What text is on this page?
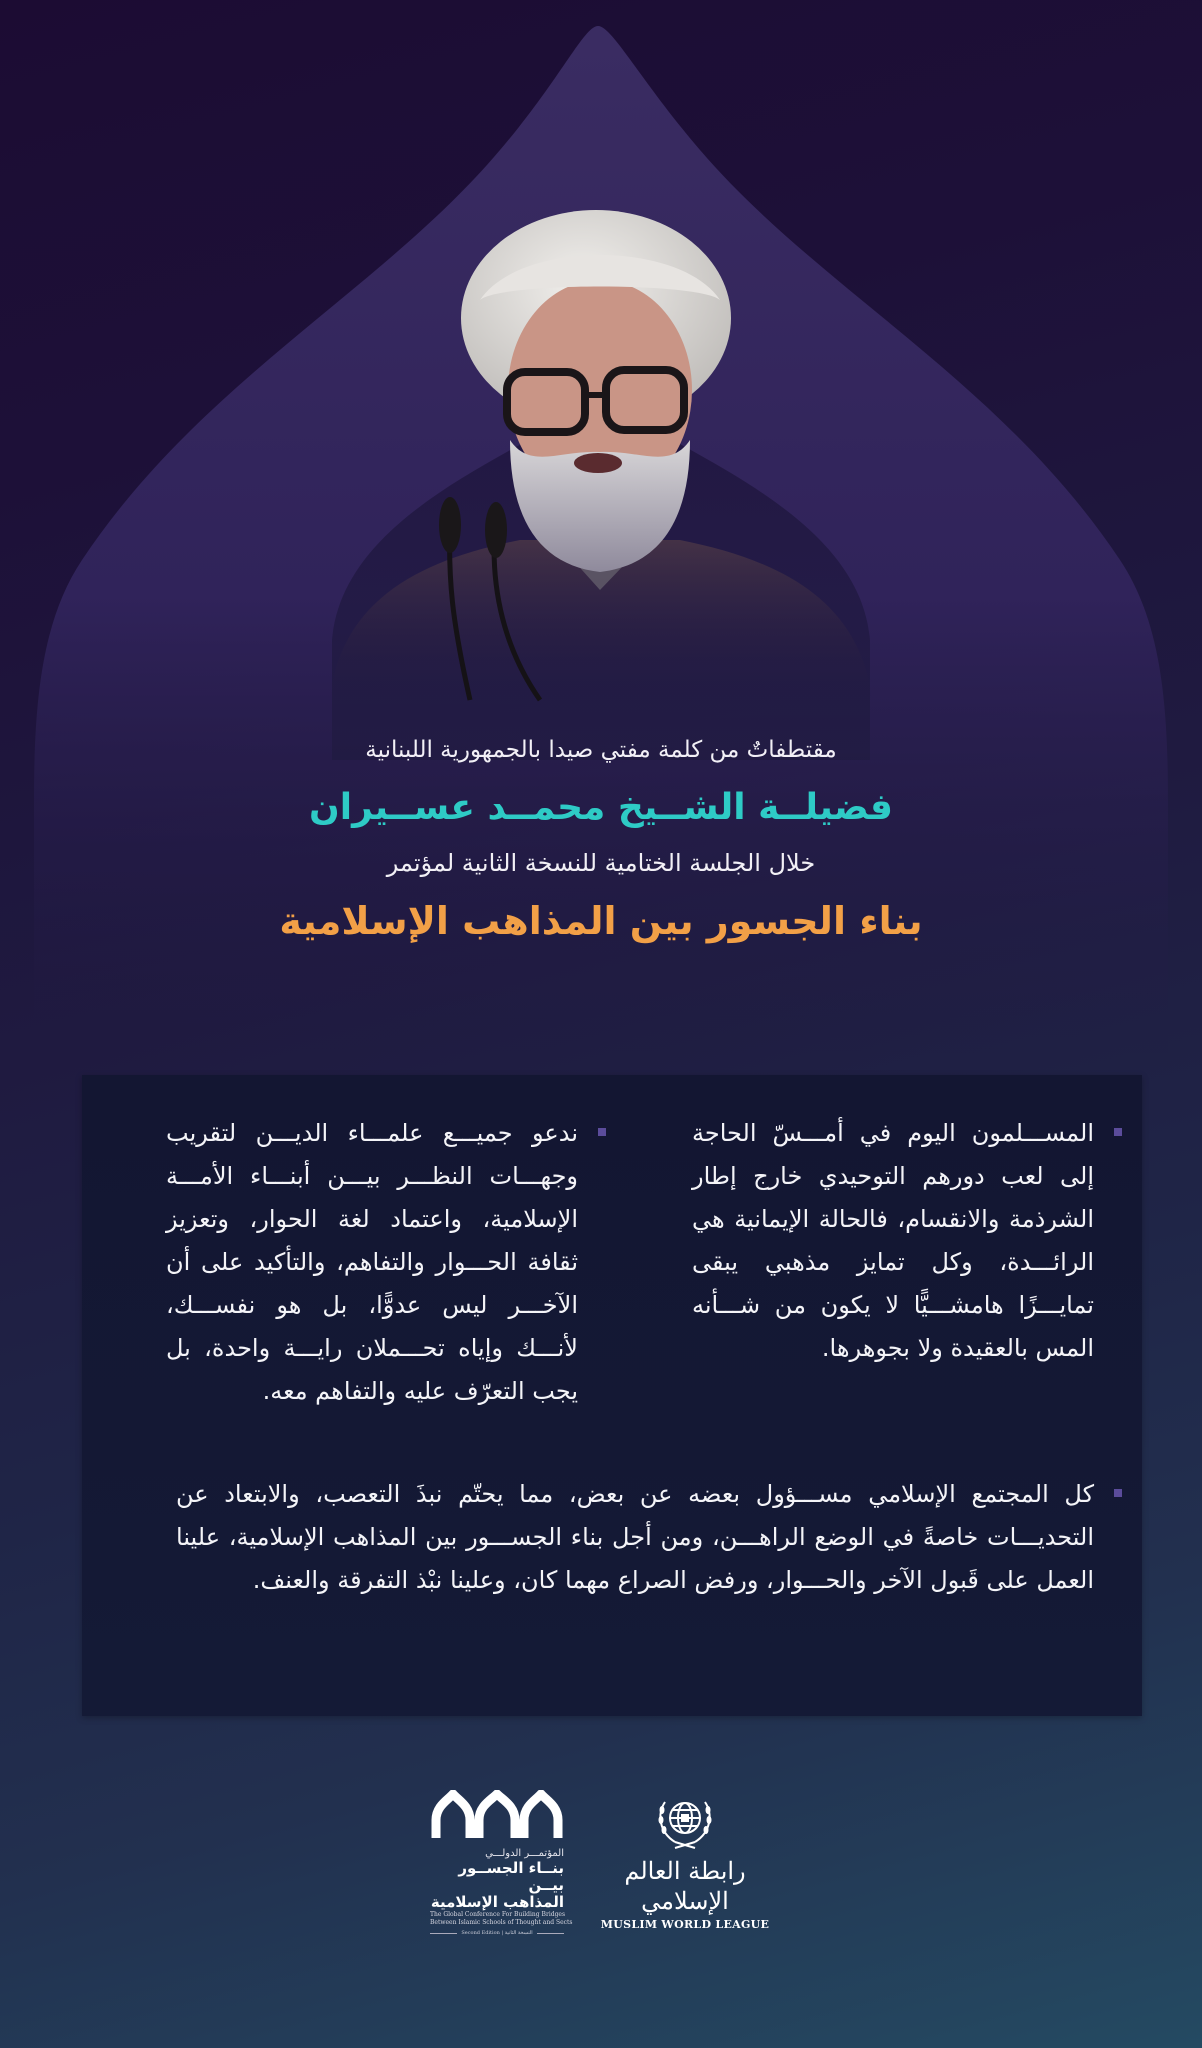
مقتطفاتٌ من كلمة مفتي صيدا بالجمهورية اللبنانية

فضيلــة الشــيخ محمــد عســيران

خلال الجلسة الختامية للنسخة الثانية لمؤتمر

بناء الجسور بين المذاهب الإسلامية

المســـلمون اليوم في أمـــسّ الحاجة إلى لعب دورهم التوحيدي خارج إطار الشرذمة والانقسام، فالحالة الإيمانية هي الرائـــدة، وكل تمايز مذهبي يبقى تمايـــزًا هامشـــيًّا لا يكون من شـــأنه المس بالعقيدة ولا بجوهرها.
ندعو جميـــع علمـــاء الديـــن لتقريب وجهـــات النظـــر بيـــن أبنـــاء الأمـــة الإسلامية، واعتماد لغة الحوار، وتعزيز ثقافة الحـــوار والتفاهم، والتأكيد على أن الآخـــر ليس عدوًّا، بل هو نفســـك، لأنـــك وإياه تحـــملان رايـــة واحدة، بل يجب التعرّف عليه والتفاهم معه.
كل المجتمع الإسلامي مســـؤول بعضه عن بعض، مما يحتّم نبذَ التعصب، والابتعاد عن التحديـــات خاصةً في الوضع الراهـــن، ومن أجل بناء الجســـور بين المذاهب الإسلامية، علينا العمل على قَبول الآخر والحـــوار، ورفض الصراع مهما كان، وعلينا نبْذ التفرقة والعنف.
المؤتمـــر الدولـــي
بنــاء الجســور بيــن
المذاهب الإسلامية
The Global Conference For Building Bridges
Between Islamic Schools of Thought and Sects
Second Edition | النسخة الثانية
رابطة العالم الإسلامي
MUSLIM WORLD LEAGUE
